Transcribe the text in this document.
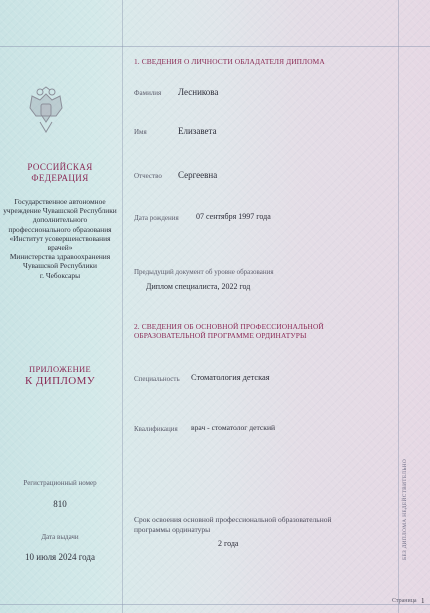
РОССИЙСКАЯ
ФЕДЕРАЦИЯ
Государственное автономное
учреждение Чувашской Республики
дополнительного
профессионального образования
«Институт усовершенствования
врачей»
Министерства здравоохранения
Чувашской Республики
г. Чебоксары
ПРИЛОЖЕНИЕ
К ДИПЛОМУ
Регистрационный номер
810
Дата выдачи
10 июля 2024 года
1. СВЕДЕНИЯ О ЛИЧНОСТИ ОБЛАДАТЕЛЯ ДИПЛОМА
Фамилия Лесникова
Имя	Елизавета
Отчество Сергеевна
Дата рождения 07 сентября 1997 года
Предыдущий документ об уровне образования
Диплом специалиста, 2022 год
2. СВЕДЕНИЯ ОБ ОСНОВНОЙ ПРОФЕССИОНАЛЬНОЙ
ОБРАЗОВАТЕЛЬНОЙ ПРОГРАММЕ ОРДИНАТУРЫ
Специальность Стоматология детская
Квалификация врач - стоматолог детский
Срок освоения основной профессиональной образовательной
программы ординатуры
2 года	БЕЗ ДИПЛОМА НЕДЕЙСТВИТЕЛЬНО
Страница 1
